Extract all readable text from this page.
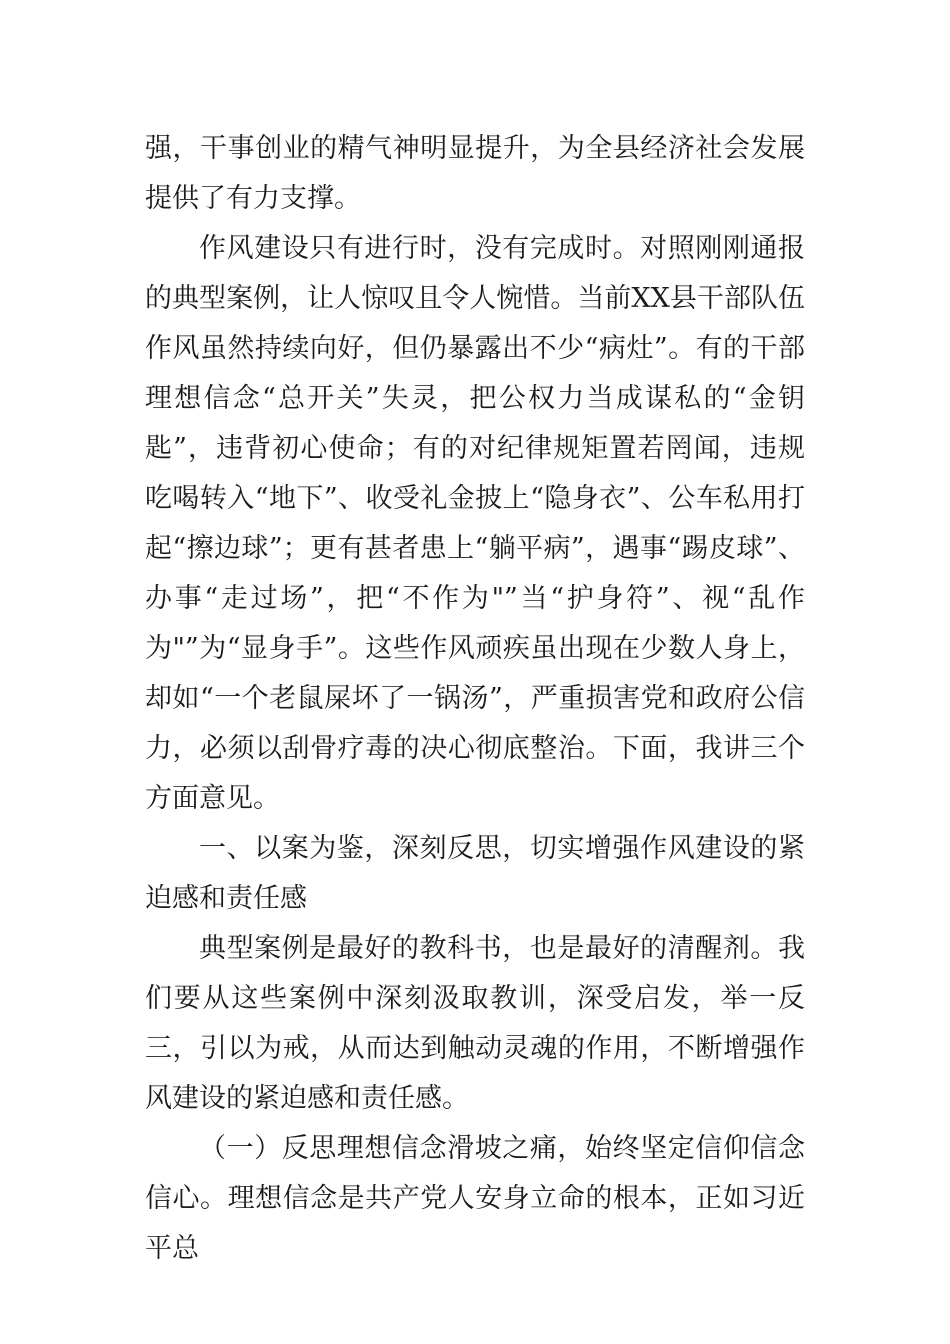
强，干事创业的精气神明显提升，为全县经济社会发展提供了有力支撑。

作风建设只有进行时，没有完成时。对照刚刚通报的典型案例，让人惊叹且令人惋惜。当前XX县干部队伍作风虽然持续向好，但仍暴露出不少“病灶”。有的干部理想信念“总开关”失灵，把公权力当成谋私的“金钥匙”，违背初心使命；有的对纪律规矩置若罔闻，违规吃喝转入“地下”、收受礼金披上“隐身衣”、公车私用打起“擦边球”；更有甚者患上“躺平病”，遇事“踢皮球”、办事“走过场”，把“不作为"”当“护身符”、视“乱作为"”为“显身手”。这些作风顽疾虽出现在少数人身上，却如“一个老鼠屎坏了一锅汤”，严重损害党和政府公信力，必须以刮骨疗毒的决心彻底整治。下面，我讲三个方面意见。

一、以案为鉴，深刻反思，切实增强作风建设的紧迫感和责任感

典型案例是最好的教科书，也是最好的清醒剂。我们要从这些案例中深刻汲取教训，深受启发，举一反三，引以为戒，从而达到触动灵魂的作用，不断增强作风建设的紧迫感和责任感。

（一）反思理想信念滑坡之痛，始终坚定信仰信念信心。理想信念是共产党人安身立命的根本，正如习近平总
